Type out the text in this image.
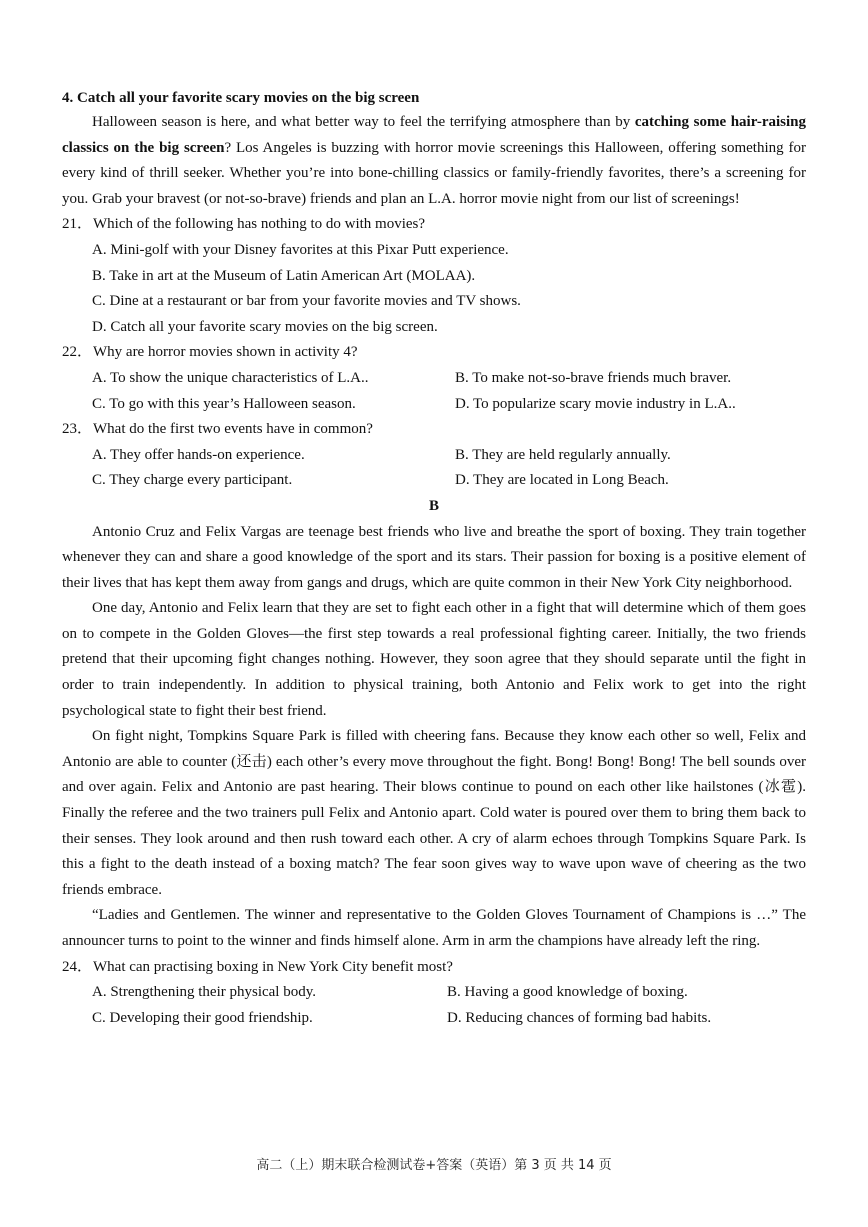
4. Catch all your favorite scary movies on the big screen

Halloween season is here, and what better way to feel the terrifying atmosphere than by catching some hair-raising classics on the big screen? Los Angeles is buzzing with horror movie screenings this Halloween, offering something for every kind of thrill seeker. Whether you’re into bone-chilling classics or family-friendly favorites, there’s a screening for you. Grab your bravest (or not-so-brave) friends and plan an L.A. horror movie night from our list of screenings!

21．Which of the following has nothing to do with movies?

A. Mini-golf with your Disney favorites at this Pixar Putt experience.

B. Take in art at the Museum of Latin American Art (MOLAA).

C. Dine at a restaurant or bar from your favorite movies and TV shows.

D. Catch all your favorite scary movies on the big screen.

22．Why are horror movies shown in activity 4?

A. To show the unique characteristics of L.A..	B. To make not-so-brave friends much braver.

C. To go with this year’s Halloween season.	D. To popularize scary movie industry in L.A..

23．What do the first two events have in common?

A. They offer hands-on experience.	B. They are held regularly annually.

C. They charge every participant.	D. They are located in Long Beach.

B

Antonio Cruz and Felix Vargas are teenage best friends who live and breathe the sport of boxing. They train together whenever they can and share a good knowledge of the sport and its stars. Their passion for boxing is a positive element of their lives that has kept them away from gangs and drugs, which are quite common in their New York City neighborhood.

One day, Antonio and Felix learn that they are set to fight each other in a fight that will determine which of them goes on to compete in the Golden Gloves—the first step towards a real professional fighting career. Initially, the two friends pretend that their upcoming fight changes nothing. However, they soon agree that they should separate until the fight in order to train independently. In addition to physical training, both Antonio and Felix work to get into the right psychological state to fight their best friend.

On fight night, Tompkins Square Park is filled with cheering fans. Because they know each other so well, Felix and Antonio are able to counter (还击) each other’s every move throughout the fight. Bong! Bong! Bong! The bell sounds over and over again. Felix and Antonio are past hearing. Their blows continue to pound on each other like hailstones (冰雹). Finally the referee and the two trainers pull Felix and Antonio apart. Cold water is poured over them to bring them back to their senses. They look around and then rush toward each other. A cry of alarm echoes through Tompkins Square Park. Is this a fight to the death instead of a boxing match? The fear soon gives way to wave upon wave of cheering as the two friends embrace.

“Ladies and Gentlemen. The winner and representative to the Golden Gloves Tournament of Champions is …” The announcer turns to point to the winner and finds himself alone. Arm in arm the champions have already left the ring.

24．What can practising boxing in New York City benefit most?

A. Strengthening their physical body.	B. Having a good knowledge of boxing.

C. Developing their good friendship.	D. Reducing chances of forming bad habits.

高二（上）期末联合检测试卷+答案（英语）第 3 页 共 14 页
